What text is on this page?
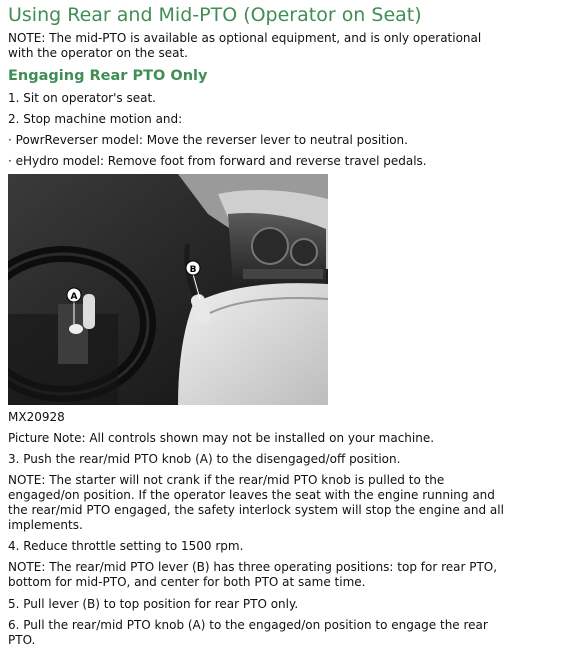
Using Rear and Mid-PTO (Operator on Seat)

NOTE: The mid-PTO is available as optional equipment, and is only operational with the operator on the seat.

Engaging Rear PTO Only

1. Sit on operator's seat.

2. Stop machine motion and:

· PowrReverser model: Move the reverser lever to neutral position.

· eHydro model: Remove foot from forward and reverse travel pedals.

A
B

MX20928

Picture Note: All controls shown may not be installed on your machine.

3. Push the rear/mid PTO knob (A) to the disengaged/off position.

NOTE: The starter will not crank if the rear/mid PTO knob is pulled to the engaged/on position. If the operator leaves the seat with the engine running and the rear/mid PTO engaged, the safety interlock system will stop the engine and all implements.

4. Reduce throttle setting to 1500 rpm.

NOTE: The rear/mid PTO lever (B) has three operating positions: top for rear PTO, bottom for mid-PTO, and center for both PTO at same time.

5. Pull lever (B) to top position for rear PTO only.

6. Pull the rear/mid PTO knob (A) to the engaged/on position to engage the rear PTO.
